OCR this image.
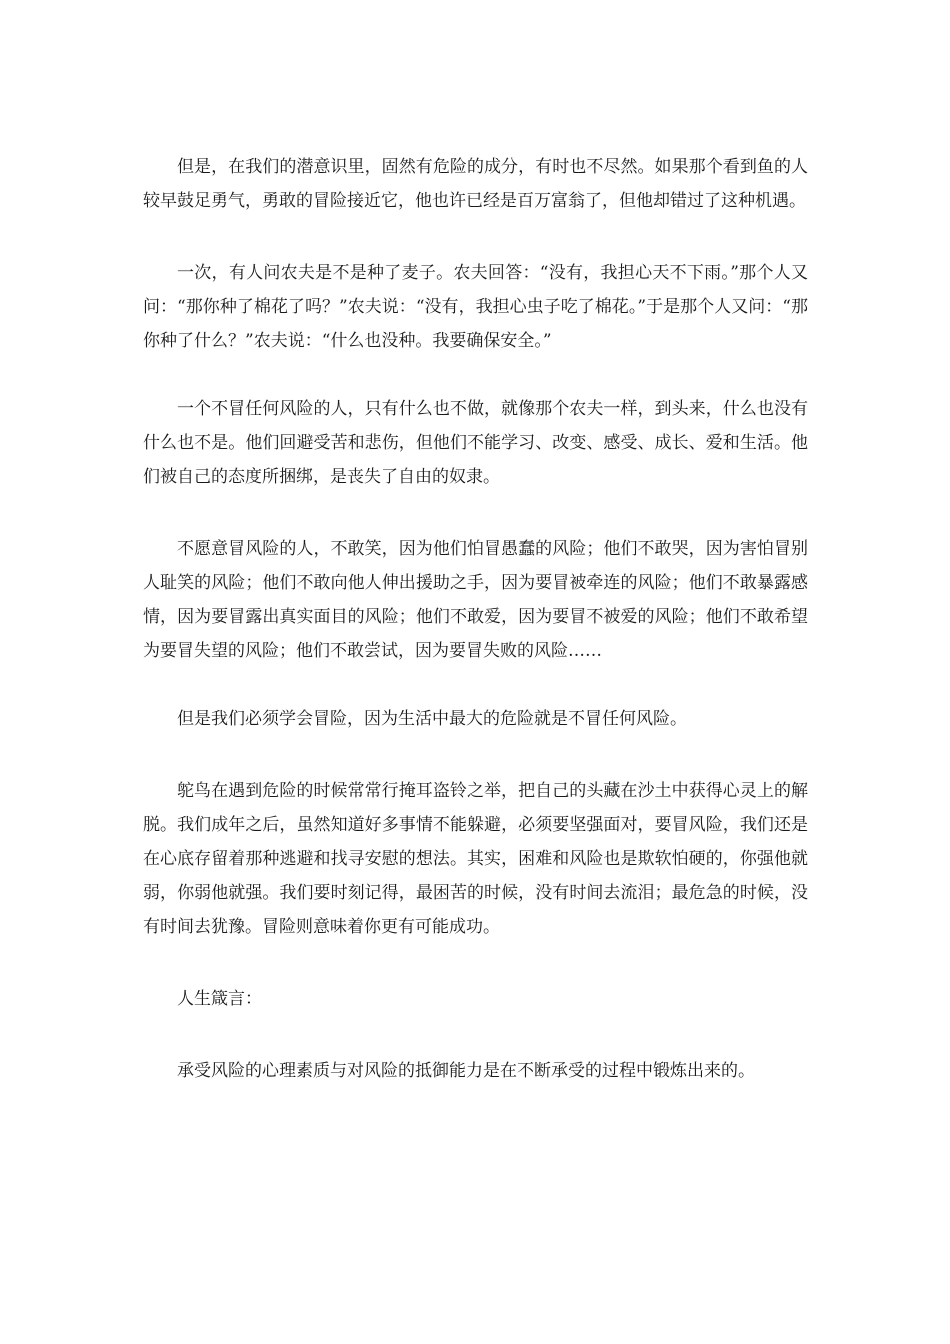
但是，在我们的潜意识里，固然有危险的成分，有时也不尽然。如果那个看到鱼的人较早鼓足勇气，勇敢的冒险接近它，他也许已经是百万富翁了，但他却错过了这种机遇。

一次，有人问农夫是不是种了麦子。农夫回答：“没有，我担心天不下雨。”那个人又问：“那你种了棉花了吗？”农夫说：“没有，我担心虫子吃了棉花。”于是那个人又问：“那你种了什么？”农夫说：“什么也没种。我要确保安全。”

一个不冒任何风险的人，只有什么也不做，就像那个农夫一样，到头来，什么也没有什么也不是。他们回避受苦和悲伤，但他们不能学习、改变、感受、成长、爱和生活。他们被自己的态度所捆绑，是丧失了自由的奴隶。

不愿意冒风险的人，不敢笑，因为他们怕冒愚蠢的风险；他们不敢哭，因为害怕冒别人耻笑的风险；他们不敢向他人伸出援助之手，因为要冒被牵连的风险；他们不敢暴露感情，因为要冒露出真实面目的风险；他们不敢爱，因为要冒不被爱的风险；他们不敢希望为要冒失望的风险；他们不敢尝试，因为要冒失败的风险……

但是我们必须学会冒险，因为生活中最大的危险就是不冒任何风险。

鸵鸟在遇到危险的时候常常行掩耳盗铃之举，把自己的头藏在沙土中获得心灵上的解脱。我们成年之后，虽然知道好多事情不能躲避，必须要坚强面对，要冒风险，我们还是在心底存留着那种逃避和找寻安慰的想法。其实，困难和风险也是欺软怕硬的，你强他就弱，你弱他就强。我们要时刻记得，最困苦的时候，没有时间去流泪；最危急的时候，没有时间去犹豫。冒险则意味着你更有可能成功。

人生箴言：

承受风险的心理素质与对风险的抵御能力是在不断承受的过程中锻炼出来的。
